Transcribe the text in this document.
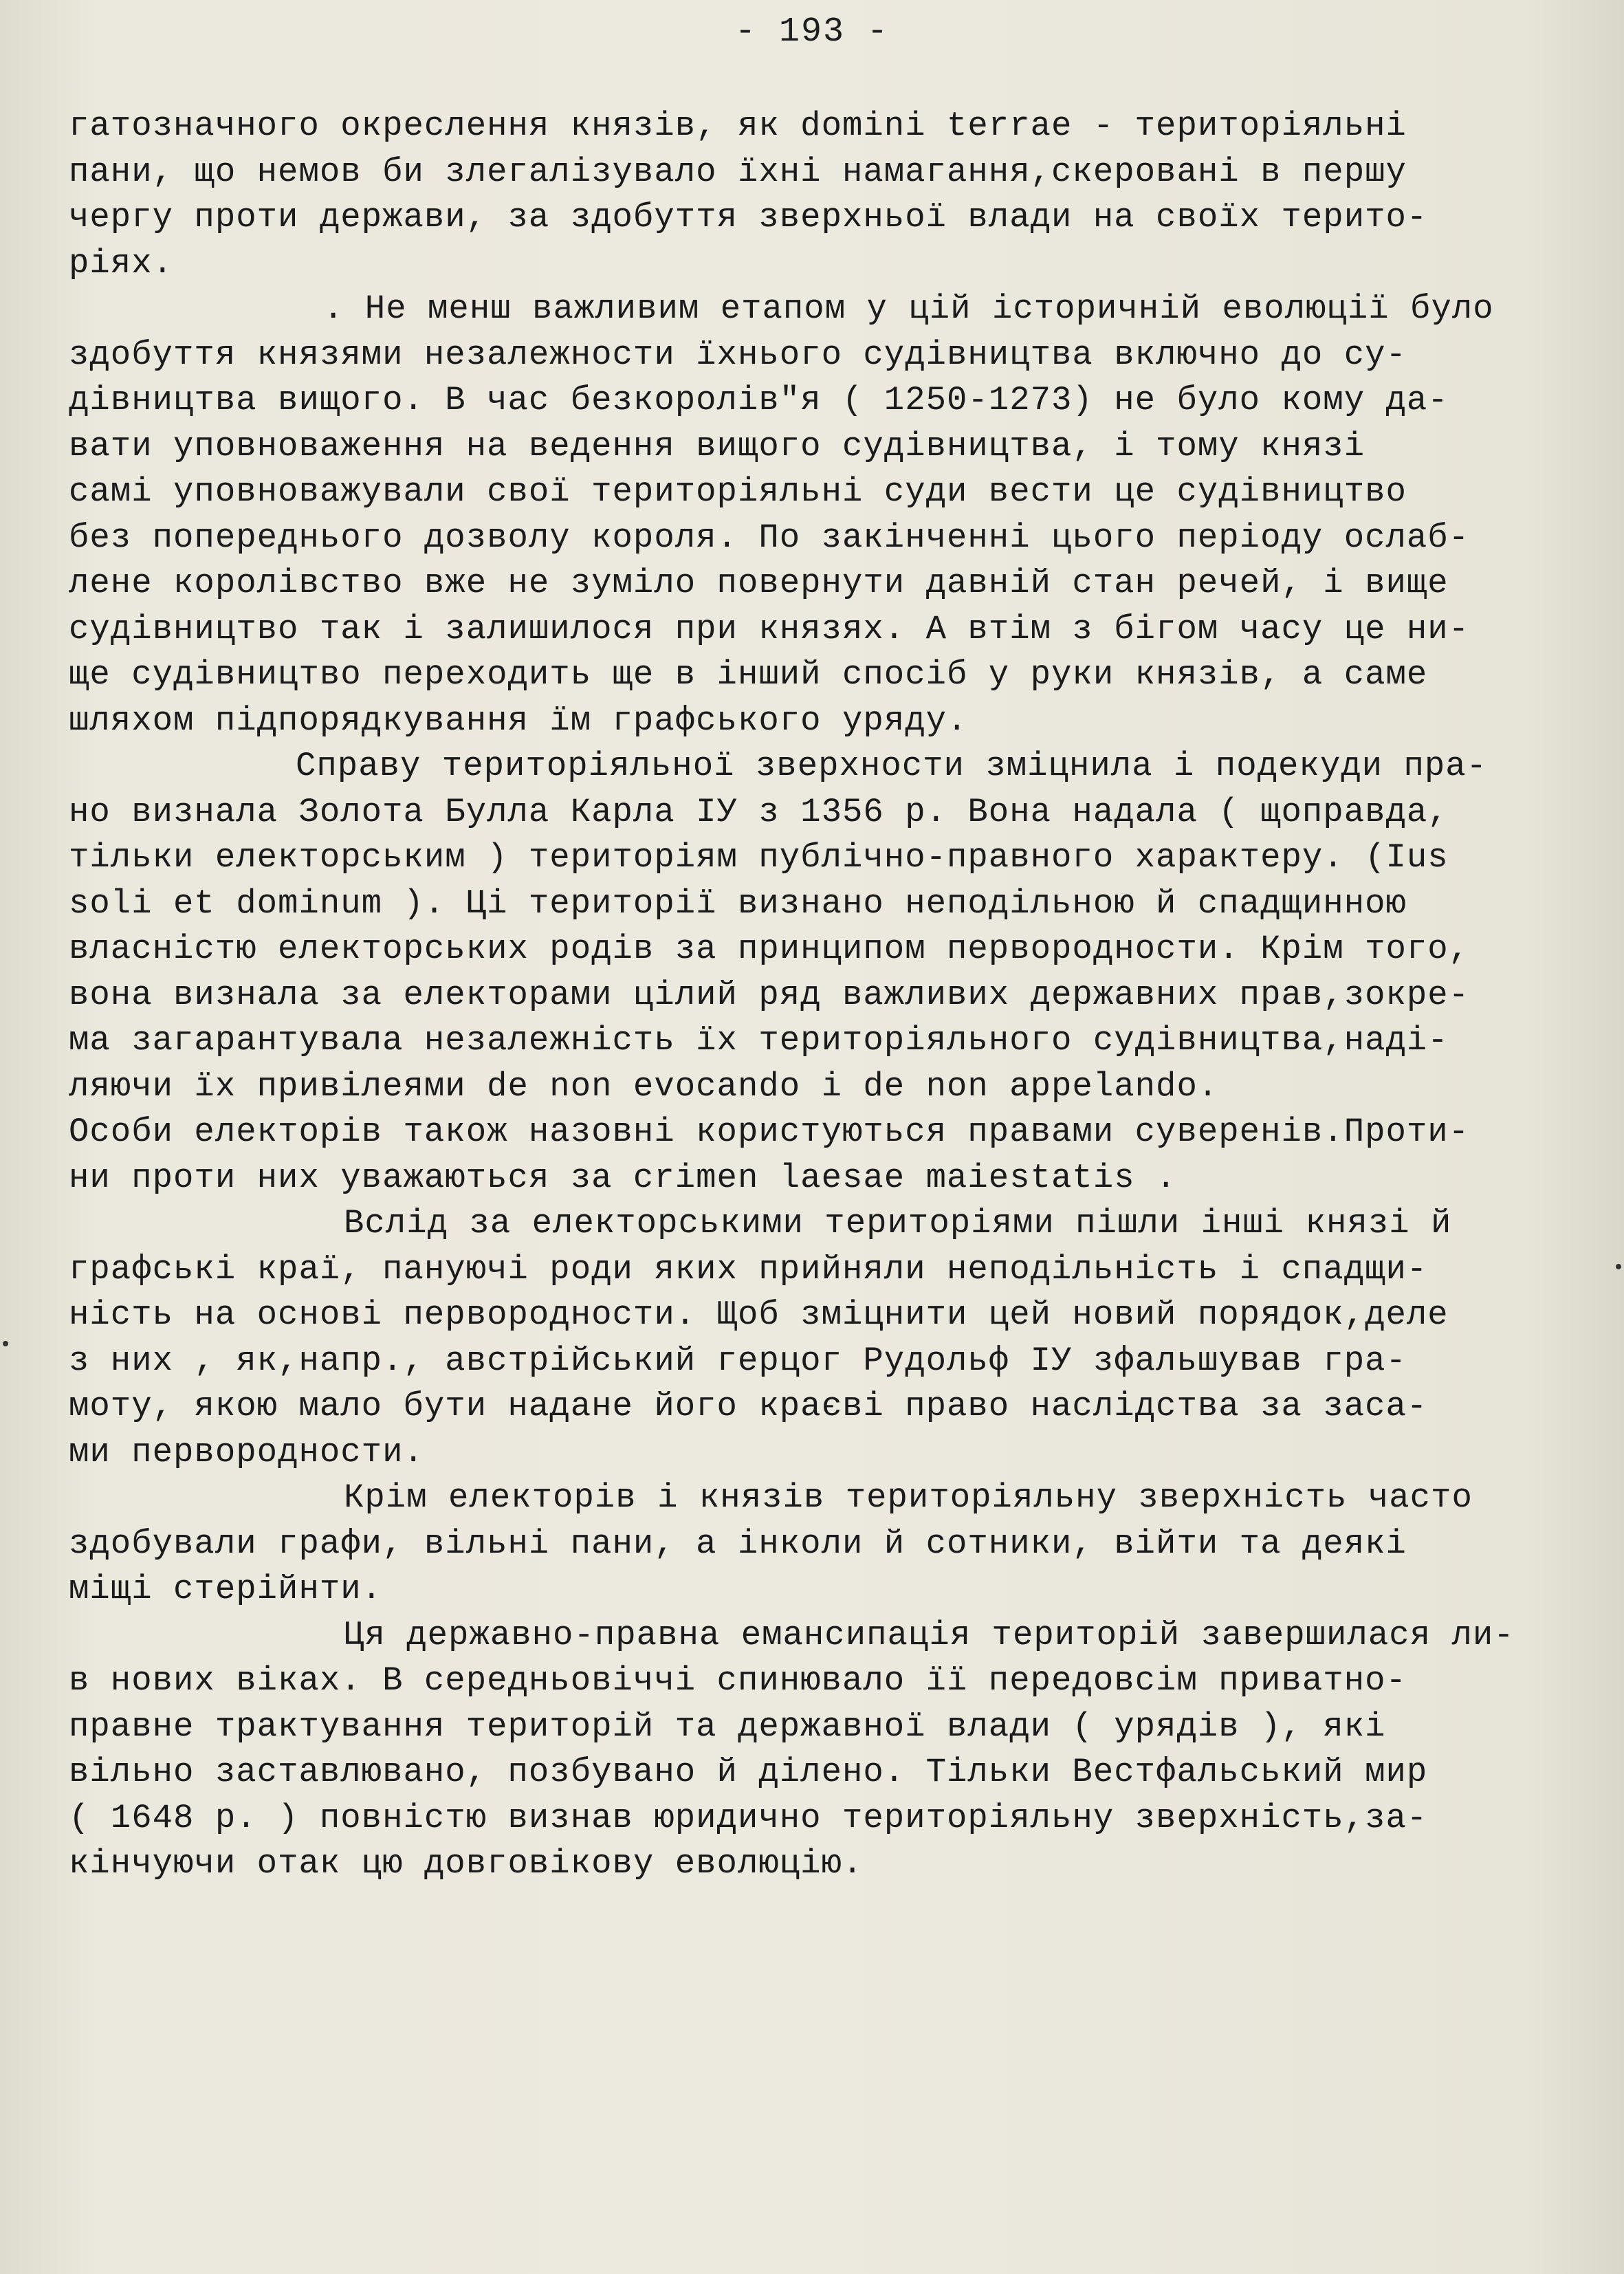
- 193 -
гатозначного окреслення князів, як domini terrae - територіяльні
пани, що немов би злегалізувало їхні намагання,скеровані в першу
чергу проти держави, за здобуття зверхньої влади на своїх терито-
ріях.
. Не менш важливим етапом у цій історичній еволюції було
здобуття князями незалежности їхнього судівництва включно до су-
дівництва вищого. В час безкоролів"я ( 1250-1273) не було кому да-
вати уповноваження на ведення вищого судівництва, і тому князі
самі уповноважували свої територіяльні суди вести це судівництво
без попереднього дозволу короля. По закінченні цього періоду ослаб-
лене королівство вже не зуміло повернути давній стан речей, і вище
судівництво так і залишилося при князях. А втім з бігом часу це ни-
ще судівництво переходить ще в інший спосіб у руки князів, а саме
шляхом підпорядкування їм графського уряду.
Справу територіяльної зверхности зміцнила і подекуди пра-
но визнала Золота Булла Карла IУ з 1356 р. Вона надала ( щоправда,
тільки електорським ) територіям публічно-правного характеру. (Ius
soli et dominum ). Ці території визнано неподільною й спадщинною
власністю електорських родів за принципом первородности. Крім того,
вона визнала за електорами цілий ряд важливих державних прав,зокре-
ма загарантувала незалежність їх територіяльного судівництва,наді-
ляючи їх привілеями de non evocando і de non appelando.
Особи електорів також назовні користуються правами суверенів.Проти-
ни проти них уважаються за crimen laesae maiestatis .
Вслід за електорськими територіями пішли інші князі й
графські краї, пануючі роди яких прийняли неподільність і спадщи-
ність на основі первородности. Щоб зміцнити цей новий порядок,деле
з них , як,напр., австрійський герцог Рудольф IУ зфальшував гра-
моту, якою мало бути надане його краєві право наслідства за заса-
ми первородности.
Крім електорів і князів територіяльну зверхність часто
здобували графи, вільні пани, а інколи й сотники, війти та деякі
міщі стерійнти.
Ця державно-правна емансипація територій завершилася ли-
в нових віках. В середньовіччі спинювало її передовсім приватно-
правне трактування територій та державної влади ( урядів ), які
вільно заставлювано, позбувано й ділено. Тільки Вестфальський мир
( 1648 р. ) повністю визнав юридично територіяльну зверхність,за-
кінчуючи отак цю довговікову еволюцію.
